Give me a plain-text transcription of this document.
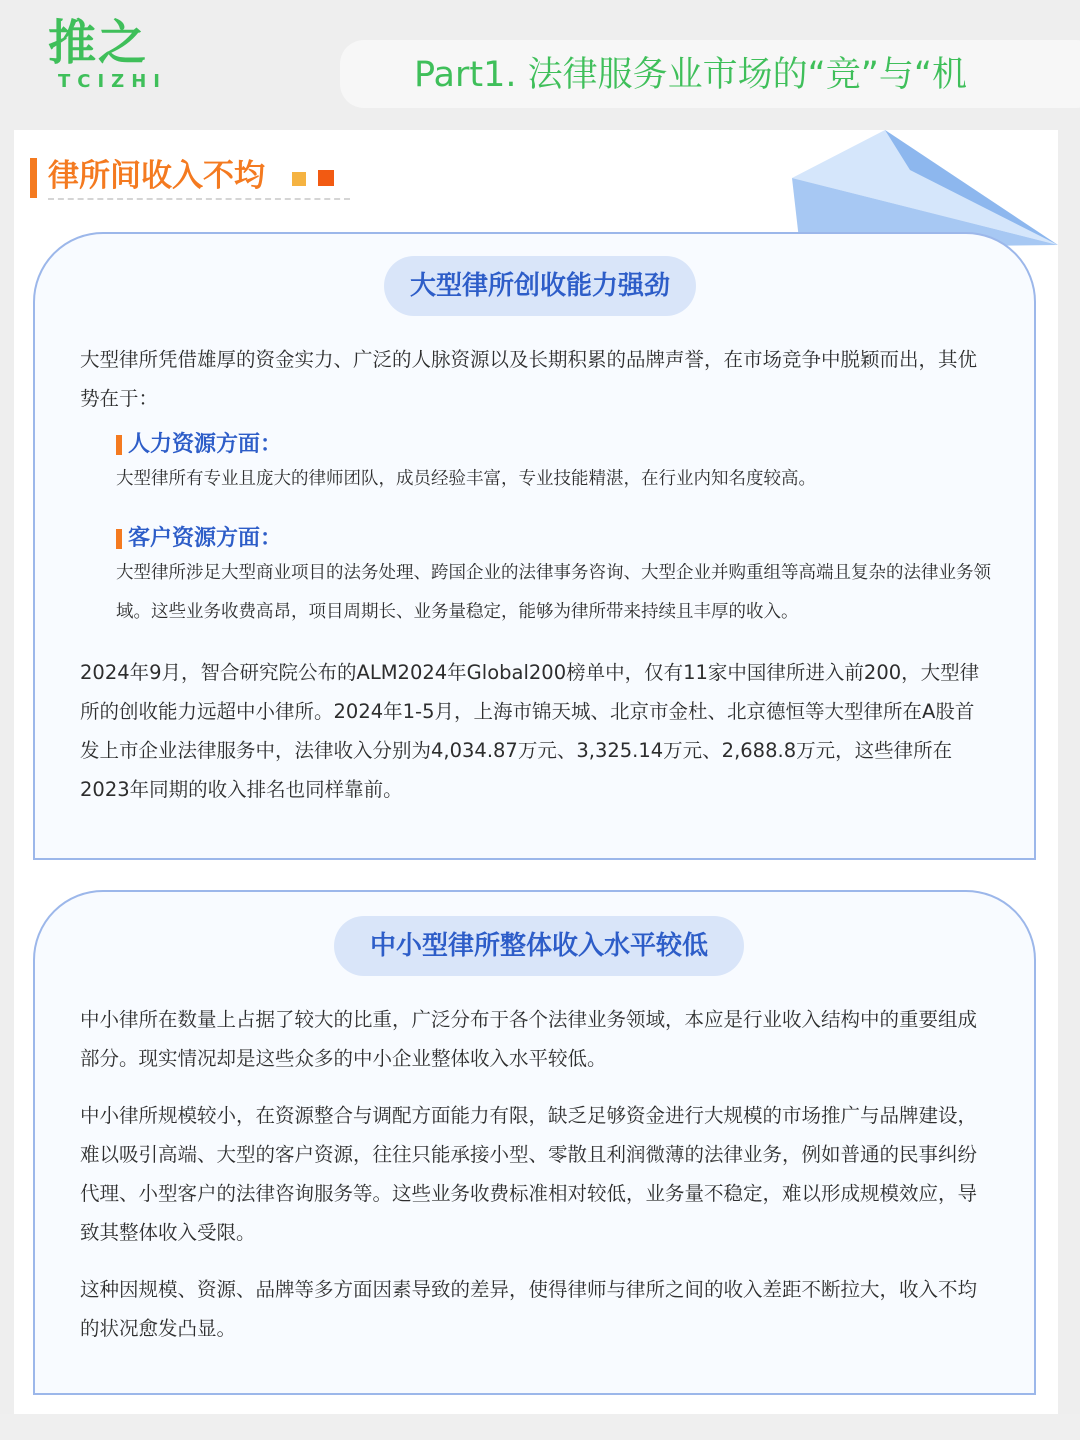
推之
TCIZHI	Part1. 法律服务业市场的“竞”与“机
律所间收入不均
大型律所创收能力强劲
大型律所凭借雄厚的资金实力、广泛的人脉资源以及长期积累的品牌声誉，在市场竞争中脱颖而出，其优势在于：
人力资源方面：
大型律所有专业且庞大的律师团队，成员经验丰富，专业技能精湛，在行业内知名度较高。
客户资源方面：
大型律所涉足大型商业项目的法务处理、跨国企业的法律事务咨询、大型企业并购重组等高端且复杂的法律业务领域。这些业务收费高昂，项目周期长、业务量稳定，能够为律所带来持续且丰厚的收入。
2024年9月，智合研究院公布的ALM2024年Global200榜单中，仅有11家中国律所进入前200，大型律所的创收能力远超中小律所。2024年1-5月，上海市锦天城、北京市金杜、北京德恒等大型律所在A股首发上市企业法律服务中，法律收入分别为4,034.87万元、3,325.14万元、2,688.8万元，这些律所在2023年同期的收入排名也同样靠前。
中小型律所整体收入水平较低
中小律所在数量上占据了较大的比重，广泛分布于各个法律业务领域，本应是行业收入结构中的重要组成部分。现实情况却是这些众多的中小企业整体收入水平较低。
中小律所规模较小，在资源整合与调配方面能力有限，缺乏足够资金进行大规模的市场推广与品牌建设，难以吸引高端、大型的客户资源，往往只能承接小型、零散且利润微薄的法律业务，例如普通的民事纠纷代理、小型客户的法律咨询服务等。这些业务收费标准相对较低，业务量不稳定，难以形成规模效应，导致其整体收入受限。
这种因规模、资源、品牌等多方面因素导致的差异，使得律师与律所之间的收入差距不断拉大，收入不均的状况愈发凸显。
